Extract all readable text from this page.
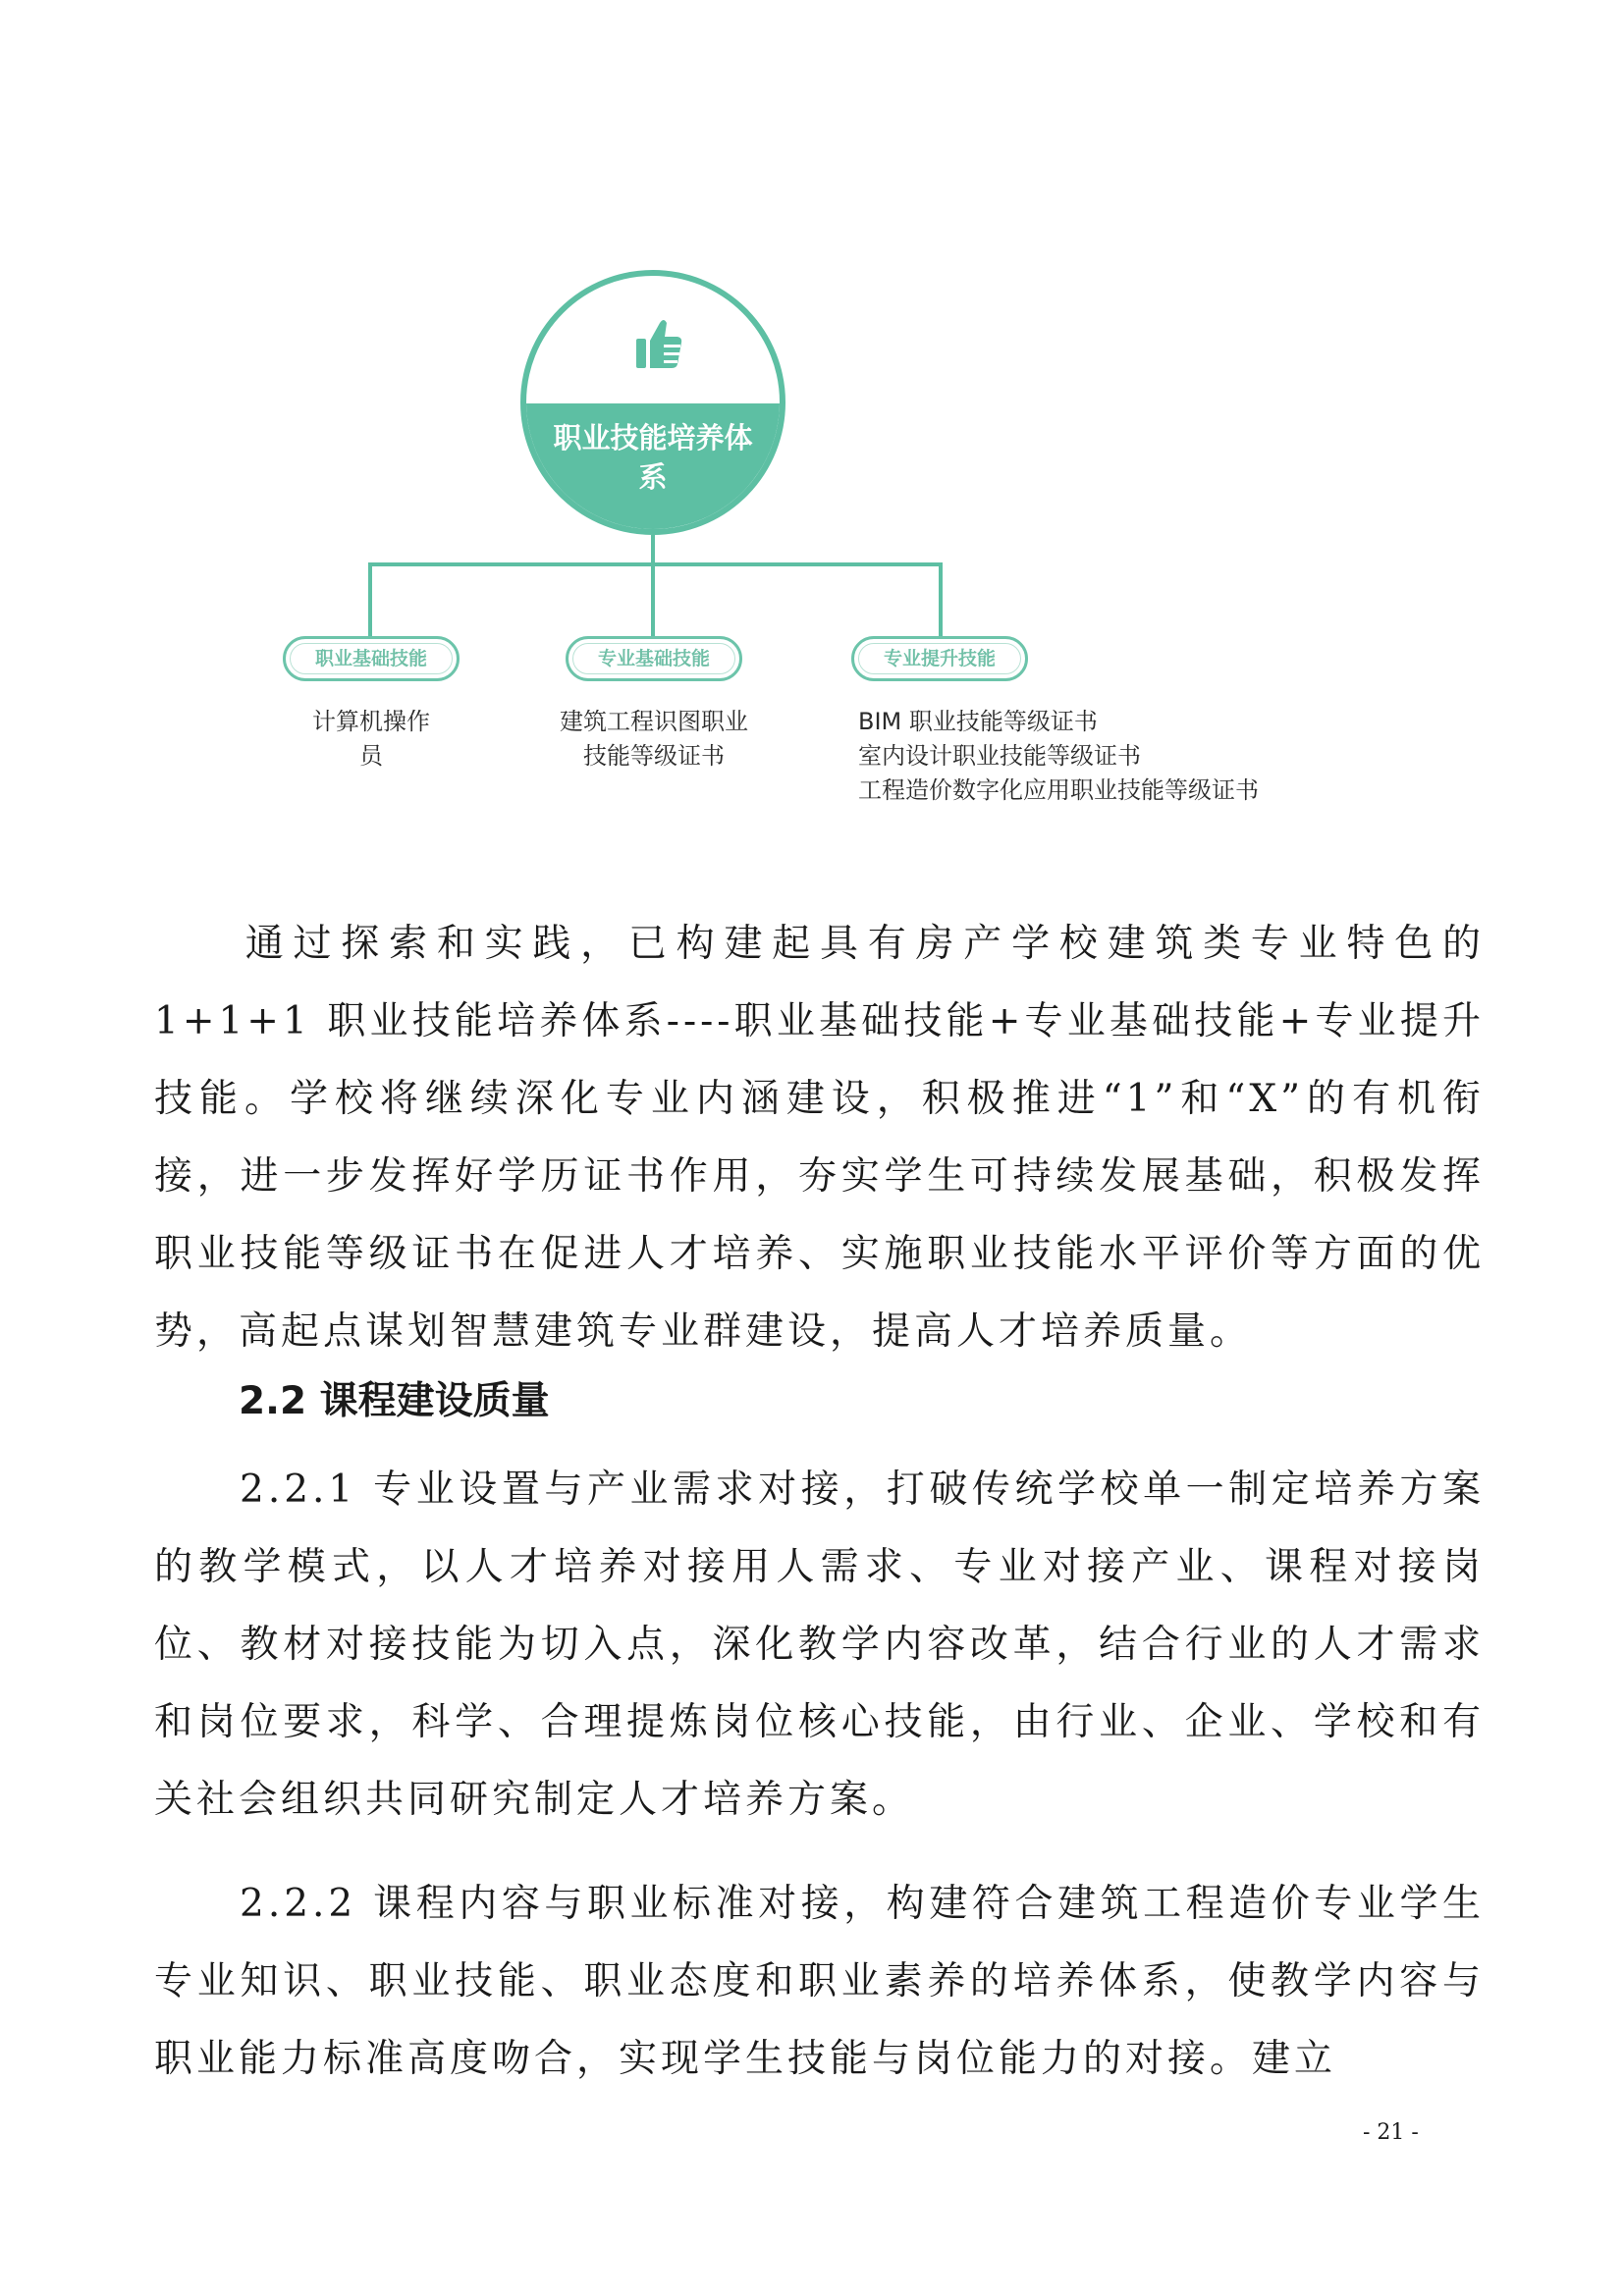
职业技能培养体
系
职业基础技能	专业基础技能	专业提升技能
计算机操作
员
建筑工程识图职业
技能等级证书
BIM 职业技能等级证书
室内设计职业技能等级证书
工程造价数字化应用职业技能等级证书

通过探索和实践，已构建起具有房产学校建筑类专业特色的1+1+1 职业技能培养体系----职业基础技能+专业基础技能+专业提升技能。学校将继续深化专业内涵建设，积极推进“1”和“X”的有机衔接，进一步发挥好学历证书作用，夯实学生可持续发展基础，积极发挥职业技能等级证书在促进人才培养、实施职业技能水平评价等方面的优势，高起点谋划智慧建筑专业群建设，提高人才培养质量。

2.2 课程建设质量

2.2.1 专业设置与产业需求对接，打破传统学校单一制定培养方案的教学模式，以人才培养对接用人需求、专业对接产业、课程对接岗位、教材对接技能为切入点，深化教学内容改革，结合行业的人才需求和岗位要求，科学、合理提炼岗位核心技能，由行业、企业、学校和有关社会组织共同研究制定人才培养方案。

2.2.2 课程内容与职业标准对接，构建符合建筑工程造价专业学生专业知识、职业技能、职业态度和职业素养的培养体系，使教学内容与职业能力标准高度吻合，实现学生技能与岗位能力的对接。建立

- 21 -
